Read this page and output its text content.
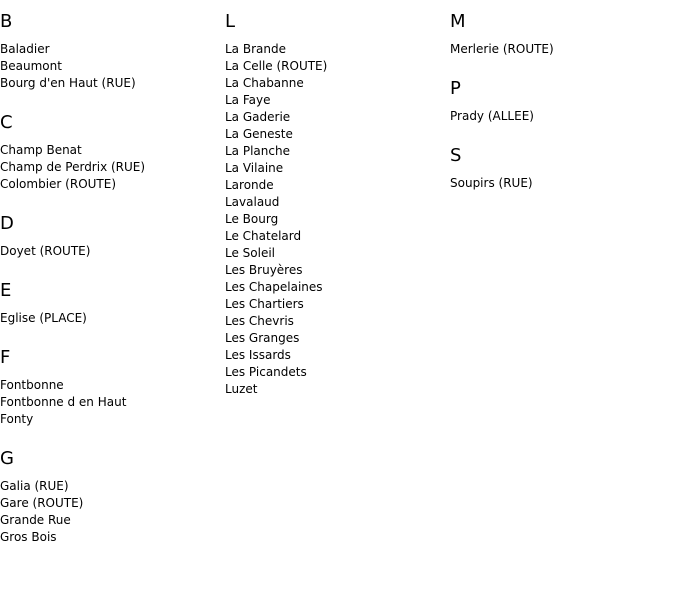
B
Baladier
Beaumont
Bourg d'en Haut (RUE)
C
Champ Benat
Champ de Perdrix (RUE)
Colombier (ROUTE)
D
Doyet (ROUTE)
E
Eglise (PLACE)
F
Fontbonne
Fontbonne d en Haut
Fonty
G
Galia (RUE)
Gare (ROUTE)
Grande Rue
Gros Bois
L
La Brande
La Celle (ROUTE)
La Chabanne
La Faye
La Gaderie
La Geneste
La Planche
La Vilaine
Laronde
Lavalaud
Le Bourg
Le Chatelard
Le Soleil
Les Bruyères
Les Chapelaines
Les Chartiers
Les Chevris
Les Granges
Les Issards
Les Picandets
Luzet
M
Merlerie (ROUTE)
P
Prady (ALLEE)
S
Soupirs (RUE)
